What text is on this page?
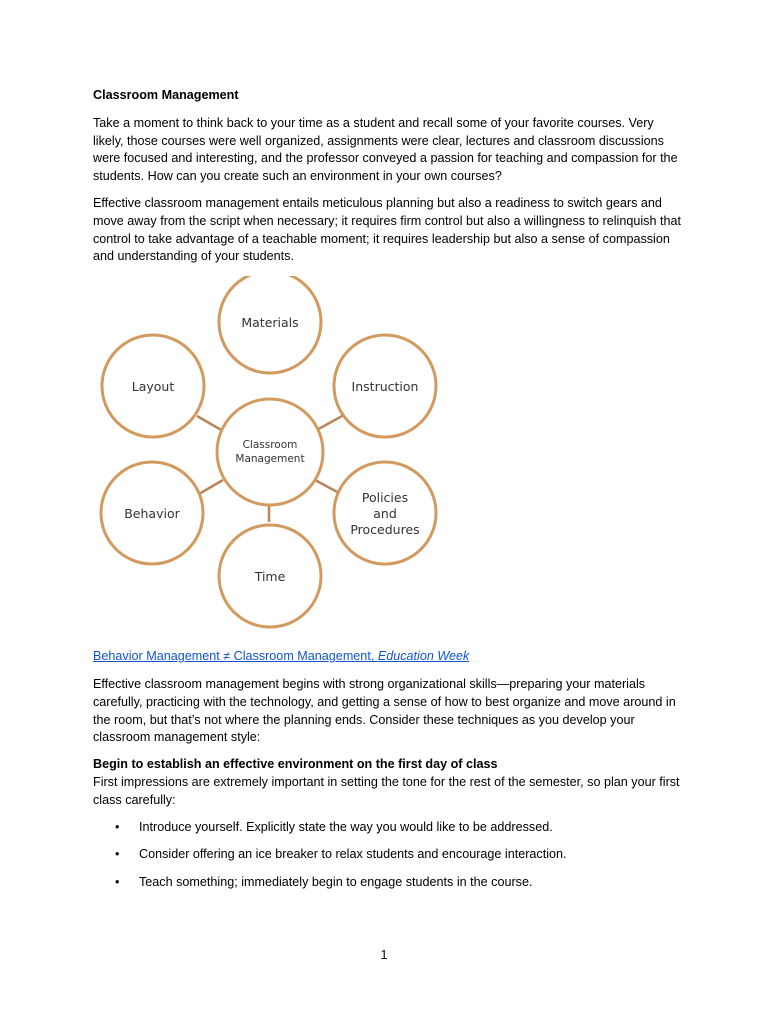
Classroom Management

Take a moment to think back to your time as a student and recall some of your favorite courses. Very likely, those courses were well organized, assignments were clear, lectures and classroom discussions were focused and interesting, and the professor conveyed a passion for teaching and compassion for the students. How can you create such an environment in your own courses?

Effective classroom management entails meticulous planning but also a readiness to switch gears and move away from the script when necessary; it requires firm control but also a willingness to relinquish that control to take advantage of a teachable moment; it requires leadership but also a sense of compassion and understanding of your students.

Classroom
Management
Materials
Layout	Instruction
Behavior
Policies
and
Procedures
Time
Behavior Management ≠ Classroom Management, Education Week

Effective classroom management begins with strong organizational skills—preparing your materials carefully, practicing with the technology, and getting a sense of how to best organize and move around in the room, but that’s not where the planning ends. Consider these techniques as you develop your classroom management style:

Begin to establish an effective environment on the first day of class

First impressions are extremely important in setting the tone for the rest of the semester, so plan your first class carefully:

• Introduce yourself. Explicitly state the way you would like to be addressed.
• Consider offering an ice breaker to relax students and encourage interaction.
• Teach something; immediately begin to engage students in the course.
1
